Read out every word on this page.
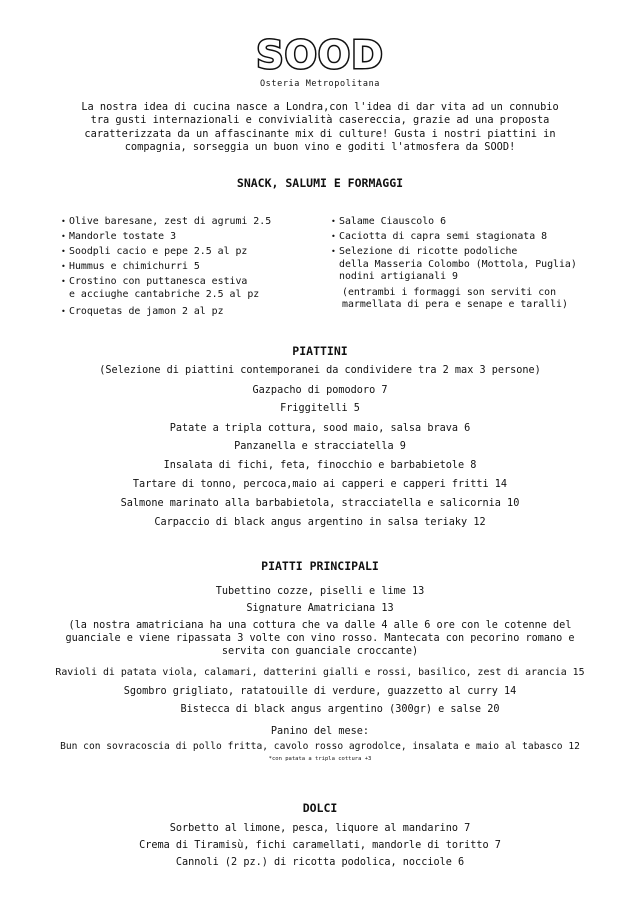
SOOD
Osteria Metropolitana
La nostra idea di cucina nasce a Londra,con l'idea di dar vita ad un connubio
tra gusti internazionali e convivialità casereccia, grazie ad una proposta
caratterizzata da un affascinante mix di culture! Gusta i nostri piattini in
compagnia, sorseggia un buon vino e goditi l'atmosfera da SOOD!
SNACK, SALUMI E FORMAGGI
• Olive baresane, zest di agrumi 2.5
• Mandorle tostate 3
• Soodpli cacio e pepe 2.5 al pz
• Hummus e chimichurri 5
• Crostino con puttanesca estiva
e acciughe cantabriche 2.5 al pz
• Croquetas de jamon 2 al pz
• Salame Ciauscolo 6
• Caciotta di capra semi stagionata 8
• Selezione di ricotte podoliche
della Masseria Colombo (Mottola, Puglia)
nodini artigianali 9
(entrambi i formaggi son serviti con
marmellata di pera e senape e taralli)
PIATTINI
(Selezione di piattini contemporanei da condividere tra 2 max 3 persone)
Gazpacho di pomodoro 7
Friggitelli 5
Patate a tripla cottura, sood maio, salsa brava 6
Panzanella e stracciatella 9
Insalata di fichi, feta, finocchio e barbabietole 8
Tartare di tonno, percoca,maio ai capperi e capperi fritti 14
Salmone marinato alla barbabietola, stracciatella e salicornia 10
Carpaccio di black angus argentino in salsa teriaky 12
PIATTI PRINCIPALI
Tubettino cozze, piselli e lime 13
Signature Amatriciana 13
(la nostra amatriciana ha una cottura che va dalle 4 alle 6 ore con le cotenne del
guanciale e viene ripassata 3 volte con vino rosso. Mantecata con pecorino romano e
servita con guanciale croccante)
Ravioli di patata viola, calamari, datterini gialli e rossi, basilico, zest di arancia 15
Sgombro grigliato, ratatouille di verdure, guazzetto al curry 14
Bistecca di black angus argentino (300gr) e salse 20
Panino del mese:
Bun con sovracoscia di pollo fritta, cavolo rosso agrodolce, insalata e maio al tabasco 12
*con patata a tripla cottura +3
DOLCI
Sorbetto al limone, pesca, liquore al mandarino 7
Crema di Tiramisù, fichi caramellati, mandorle di toritto 7
Cannoli (2 pz.) di ricotta podolica, nocciole 6
